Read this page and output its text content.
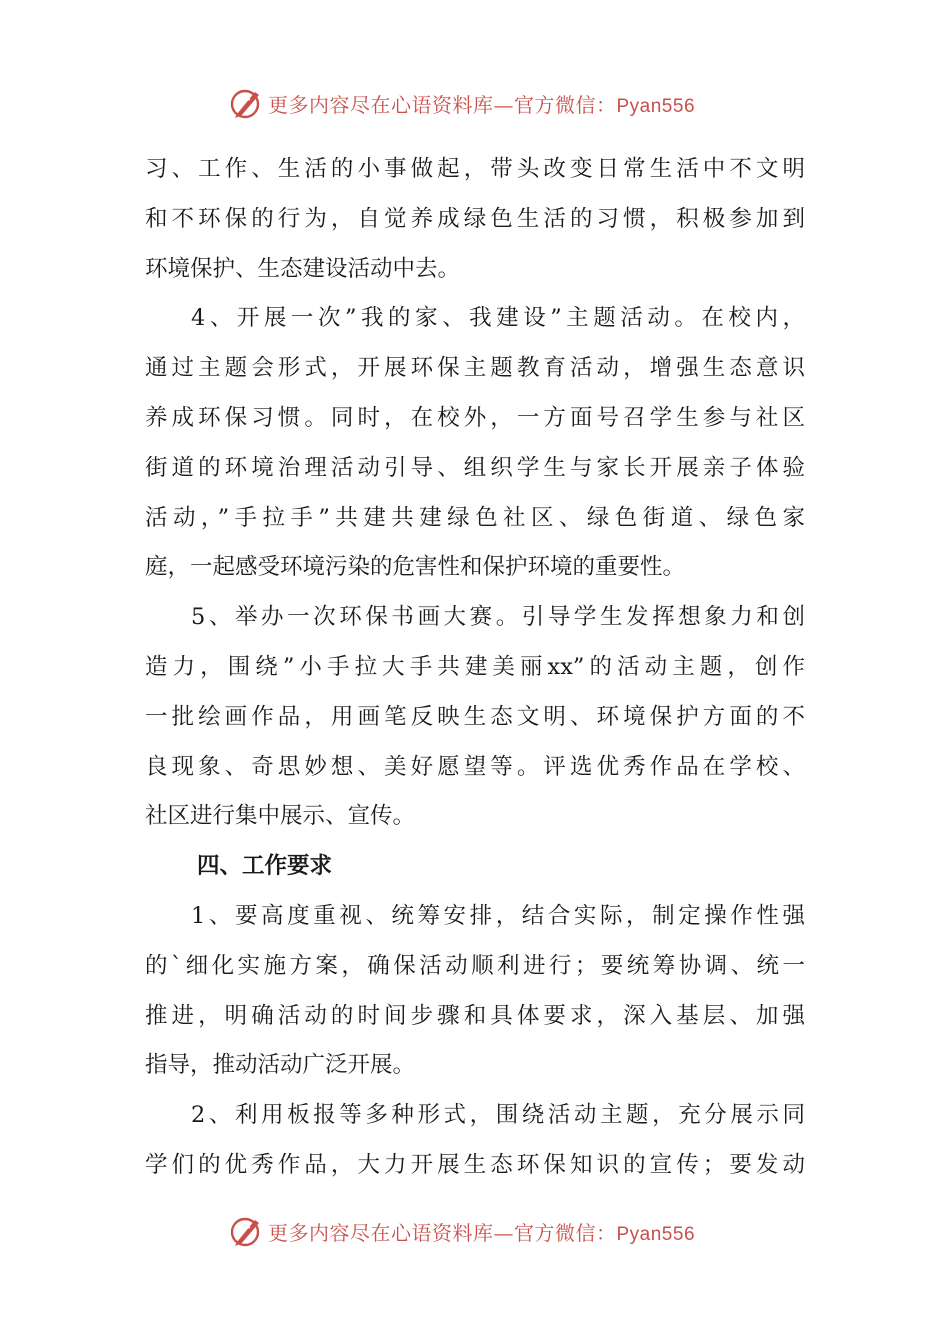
更多内容尽在心语资料库—官方微信：Pyan556
习、工作、生活的小事做起，带头改变日常生活中不文明
和不环保的行为，自觉养成绿色生活的习惯，积极参加到
环境保护、生态建设活动中去。
4、开展一次”我的家、我建设”主题活动。在校内，
通过主题会形式，开展环保主题教育活动，增强生态意识
养成环保习惯。同时，在校外，一方面号召学生参与社区
街道的环境治理活动引导、组织学生与家长开展亲子体验
活动，”手拉手”共建共建绿色社区、绿色街道、绿色家
庭，一起感受环境污染的危害性和保护环境的重要性。
5、举办一次环保书画大赛。引导学生发挥想象力和创
造力，围绕”小手拉大手共建美丽xx”的活动主题，创作
一批绘画作品，用画笔反映生态文明、环境保护方面的不
良现象、奇思妙想、美好愿望等。评选优秀作品在学校、
社区进行集中展示、宣传。
四、工作要求
1、要高度重视、统筹安排，结合实际，制定操作性强
的`细化实施方案，确保活动顺利进行；要统筹协调、统一
推进，明确活动的时间步骤和具体要求，深入基层、加强
指导，推动活动广泛开展。
2、利用板报等多种形式，围绕活动主题，充分展示同
学们的优秀作品，大力开展生态环保知识的宣传；要发动
更多内容尽在心语资料库—官方微信：Pyan556
